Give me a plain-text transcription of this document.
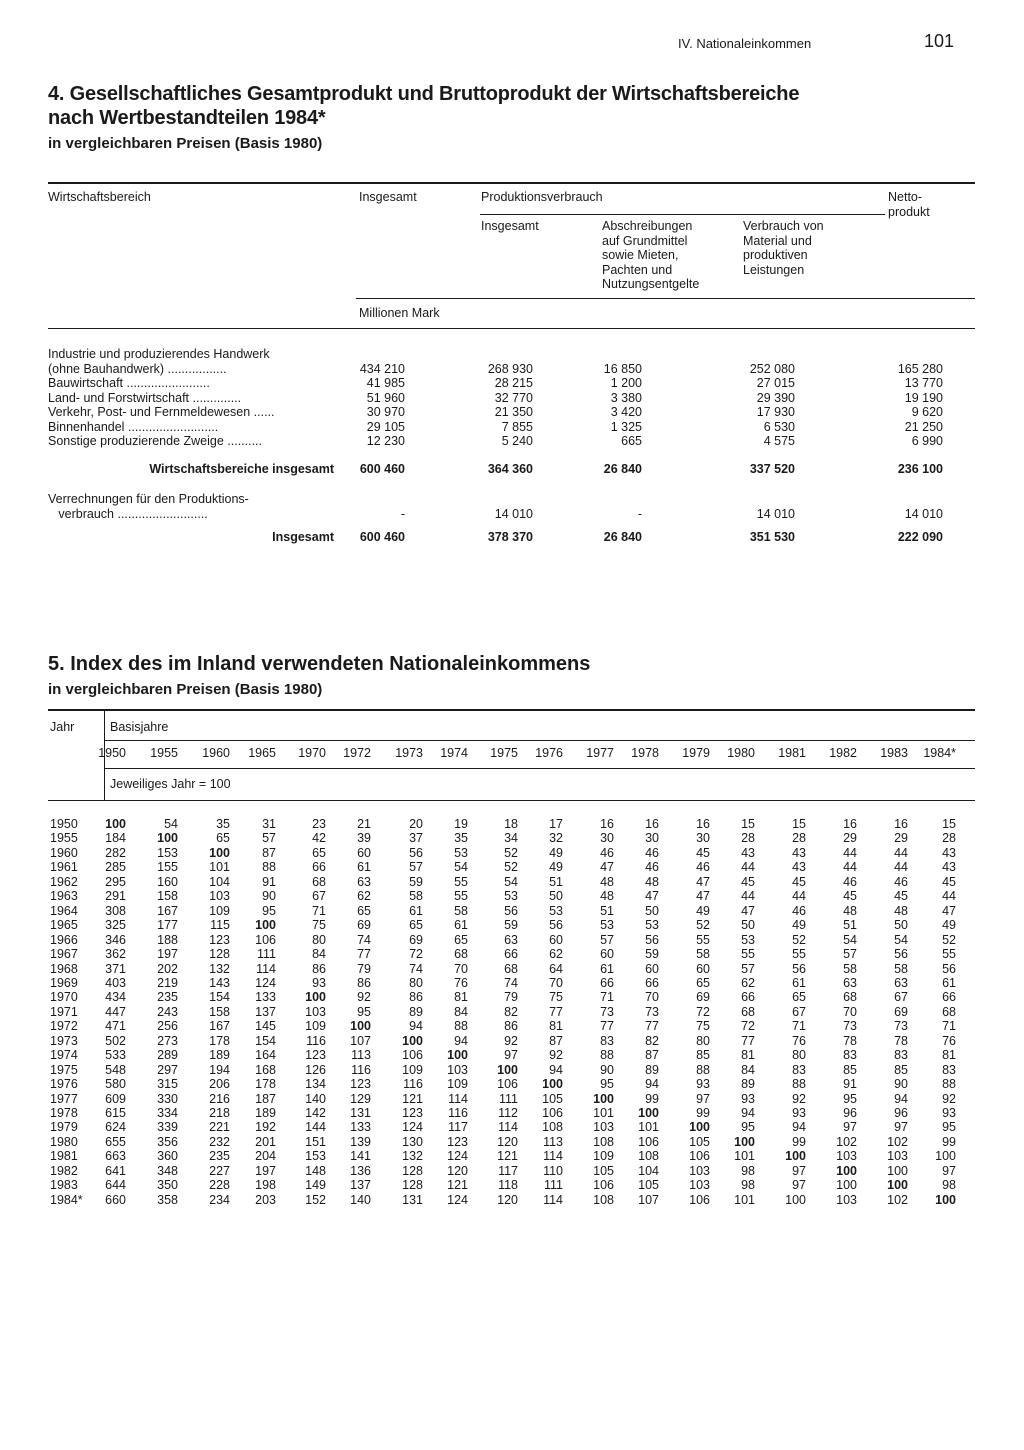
IV. Nationaleinkommen	101
4. Gesellschaftliches Gesamtprodukt und Bruttoprodukt der Wirtschaftsbereiche
nach Wertbestandteilen 1984*
in vergleichbaren Preisen (Basis 1980)
Wirtschaftsbereich	Insgesamt	Produktionsverbrauch	Netto-
produkt
Insgesamt	Abschreibungen
auf Grundmittel
sowie Mieten,
Pachten und
Nutzungsentgelte
Verbrauch von
Material und
produktiven
Leistungen
Millionen Mark
Industrie und produzierendes Handwerk
(ohne Bauhandwerk) .................	434 210	268 930	16 850	252 080	165 280
Bauwirtschaft ........................	41 985	28 215	1 200	27 015	13 770
Land- und Forstwirtschaft ..............	51 960	32 770	3 380	29 390	19 190
Verkehr, Post- und Fernmeldewesen ......	30 970	21 350	3 420	17 930	9 620
Binnenhandel ..........................	29 105	7 855	1 325	6 530	21 250
Sonstige produzierende Zweige ..........	12 230	5 240	665	4 575	6 990
Wirtschaftsbereiche insgesamt	600 460	364 360	26 840	337 520	236 100
Verrechnungen für den Produktions-
verbrauch ..........................	-	14 010	-	14 010	14 010
Insgesamt	600 460	378 370	26 840	351 530	222 090
5. Index des im Inland verwendeten Nationaleinkommens
in vergleichbaren Preisen (Basis 1980)
Jahr	Basisjahre
Jeweiliges Jahr = 100
1950	1955	1960	1965	1970	1972	1973	1974	1975	1976	1977	1978	1979	1980	1981	1982	1983	1984*
1950	100	54	35	31	23	21	20	19	18	17	16	16	16	15	15	16	16	15
1955	184	100	65	57	42	39	37	35	34	32	30	30	30	28	28	29	29	28
1960	282	153	100	87	65	60	56	53	52	49	46	46	45	43	43	44	44	43
1961	285	155	101	88	66	61	57	54	52	49	47	46	46	44	43	44	44	43
1962	295	160	104	91	68	63	59	55	54	51	48	48	47	45	45	46	46	45
1963	291	158	103	90	67	62	58	55	53	50	48	47	47	44	44	45	45	44
1964	308	167	109	95	71	65	61	58	56	53	51	50	49	47	46	48	48	47
1965	325	177	115	100	75	69	65	61	59	56	53	53	52	50	49	51	50	49
1966	346	188	123	106	80	74	69	65	63	60	57	56	55	53	52	54	54	52
1967	362	197	128	111	84	77	72	68	66	62	60	59	58	55	55	57	56	55
1968	371	202	132	114	86	79	74	70	68	64	61	60	60	57	56	58	58	56
1969	403	219	143	124	93	86	80	76	74	70	66	66	65	62	61	63	63	61
1970	434	235	154	133	100	92	86	81	79	75	71	70	69	66	65	68	67	66
1971	447	243	158	137	103	95	89	84	82	77	73	73	72	68	67	70	69	68
1972	471	256	167	145	109	100	94	88	86	81	77	77	75	72	71	73	73	71
1973	502	273	178	154	116	107	100	94	92	87	83	82	80	77	76	78	78	76
1974	533	289	189	164	123	113	106	100	97	92	88	87	85	81	80	83	83	81
1975	548	297	194	168	126	116	109	103	100	94	90	89	88	84	83	85	85	83
1976	580	315	206	178	134	123	116	109	106	100	95	94	93	89	88	91	90	88
1977	609	330	216	187	140	129	121	114	111	105	100	99	97	93	92	95	94	92
1978	615	334	218	189	142	131	123	116	112	106	101	100	99	94	93	96	96	93
1979	624	339	221	192	144	133	124	117	114	108	103	101	100	95	94	97	97	95
1980	655	356	232	201	151	139	130	123	120	113	108	106	105	100	99	102	102	99
1981	663	360	235	204	153	141	132	124	121	114	109	108	106	101	100	103	103	100
1982	641	348	227	197	148	136	128	120	117	110	105	104	103	98	97	100	100	97
1983	644	350	228	198	149	137	128	121	118	111	106	105	103	98	97	100	100	98
1984*	660	358	234	203	152	140	131	124	120	114	108	107	106	101	100	103	102	100
